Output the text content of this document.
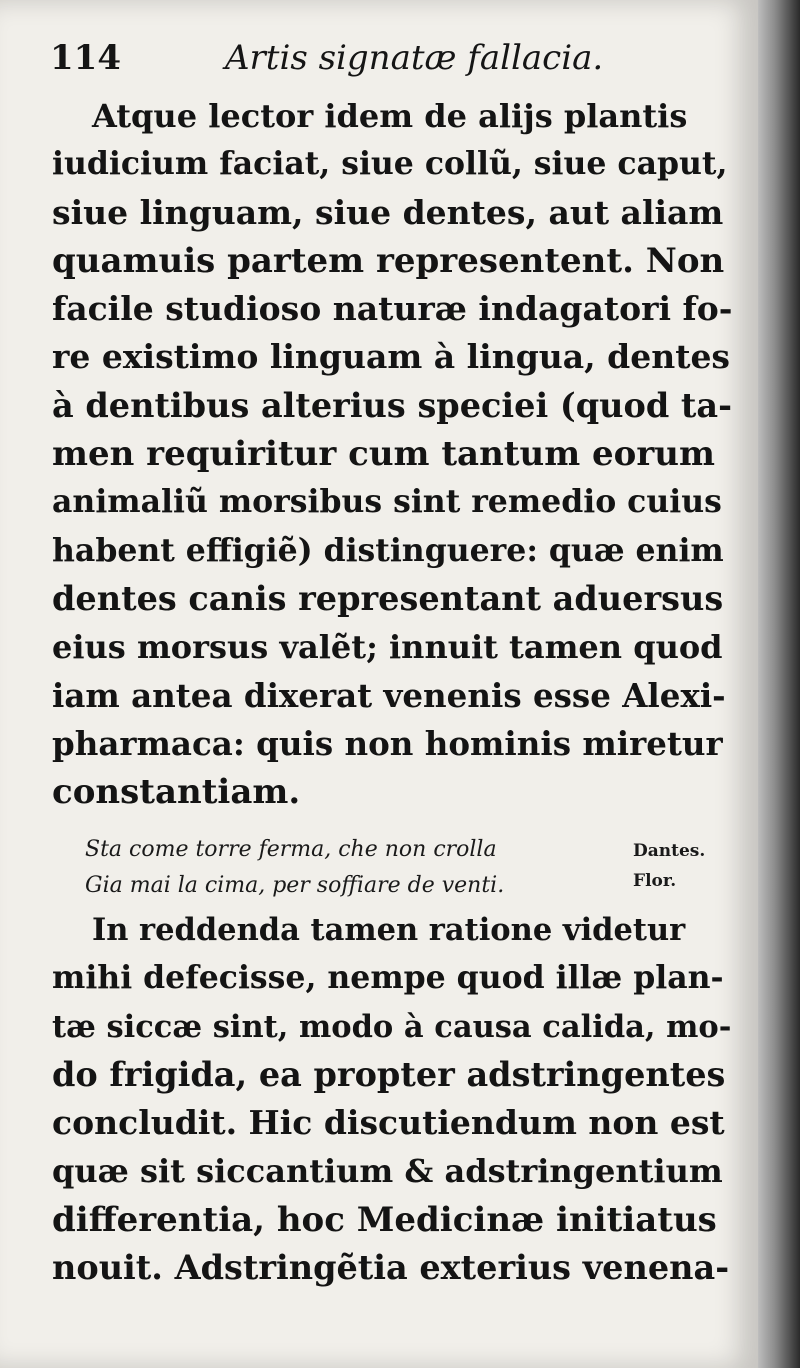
114	Artis signatæ fallacia.
Atque lector idem de alijs plantis
iudicium faciat, siue collũ, siue caput,
siue linguam, siue dentes, aut aliam
quamuis partem representent. Non
facile studioso naturæ indagatori fo-
re existimo linguam à lingua, dentes
à dentibus alterius speciei (quod ta-
men requiritur cum tantum eorum
animaliũ morsibus sint remedio cuius
habent effigiẽ) distinguere: quæ enim
dentes canis representant aduersus
eius morsus valẽt; innuit tamen quod
iam antea dixerat venenis esse Alexi-
pharmaca: quis non hominis miretur
constantiam.
Sta come torre ferma, che non crolla
Gia mai la cima, per soffiare de venti.
Dantes.
Flor.
In reddenda tamen ratione videtur
mihi defecisse, nempe quod illæ plan-
tæ siccæ sint, modo à causa calida, mo-
do frigida, ea propter adstringentes
concludit. Hic discutiendum non est
quæ sit siccantium & adstringentium
differentia, hoc Medicinæ initiatus
nouit. Adstringẽtia exterius venena-
